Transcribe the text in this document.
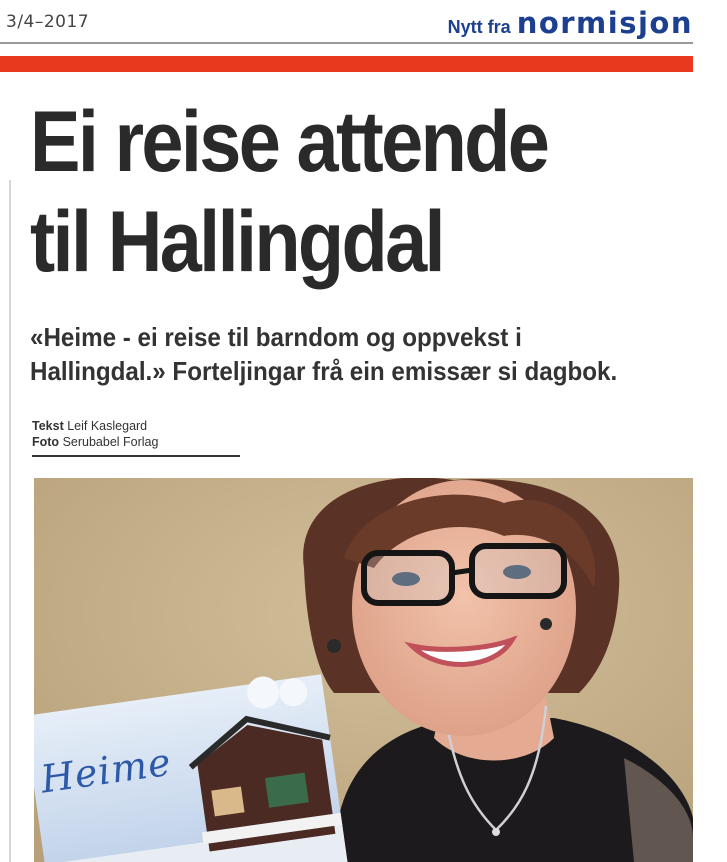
3/4–2017	Nytt fra normisjon
Ei reise attende
til Hallingdal

«Heime - ei reise til barndom og oppvekst i
Hallingdal.» Forteljingar frå ein emissær si dagbok.

Tekst Leif Kaslegard
Foto Serubabel Forlag
Heime
